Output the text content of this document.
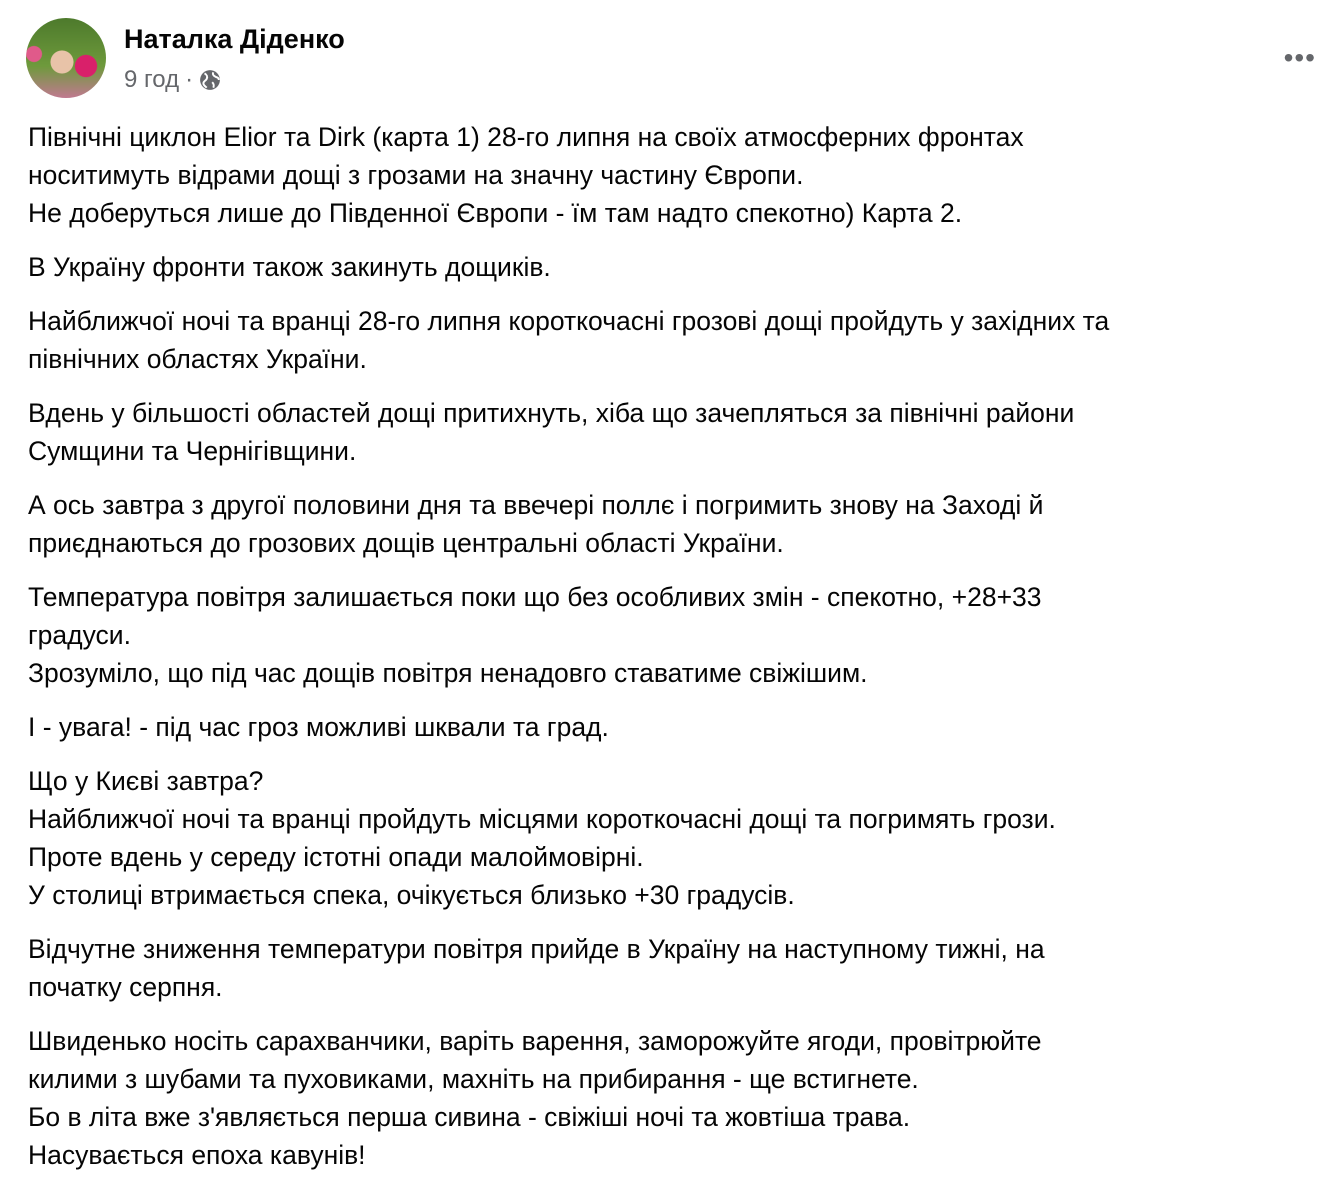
Наталка Діденко
9 год ·
•••
Північні циклон Elior та Dirk (карта 1) 28-го липня на своїх атмосферних фронтах
носитимуть відрами дощі з грозами на значну частину Європи.
Не доберуться лише до Південної Європи - їм там надто спекотно) Карта 2.
В Україну фронти також закинуть дощиків.
Найближчої ночі та вранці 28-го липня короткочасні грозові дощі пройдуть у західних та
північних областях України.
Вдень у більшості областей дощі притихнуть, хіба що зачепляться за північні райони
Сумщини та Чернігівщини.
А ось завтра з другої половини дня та ввечері поллє і погримить знову на Заході й
приєднаються до грозових дощів центральні області України.
Температура повітря залишається поки що без особливих змін - спекотно, +28+33
градуси.
Зрозуміло, що під час дощів повітря ненадовго ставатиме свіжішим.
І - увага! - під час гроз можливі шквали та град.
Що у Києві завтра?
Найближчої ночі та вранці пройдуть місцями короткочасні дощі та погримять грози.
Проте вдень у середу істотні опади малоймовірні.
У столиці втримається спека, очікується близько +30 градусів.
Відчутне зниження температури повітря прийде в Україну на наступному тижні, на
початку серпня.
Швиденько носіть сарахванчики, варіть варення, заморожуйте ягоди, провітрюйте
килими з шубами та пуховиками, махніть на прибирання - ще встигнете.
Бо в літа вже з'являється перша сивина - свіжіші ночі та жовтіша трава.
Насувається епоха кавунів!
